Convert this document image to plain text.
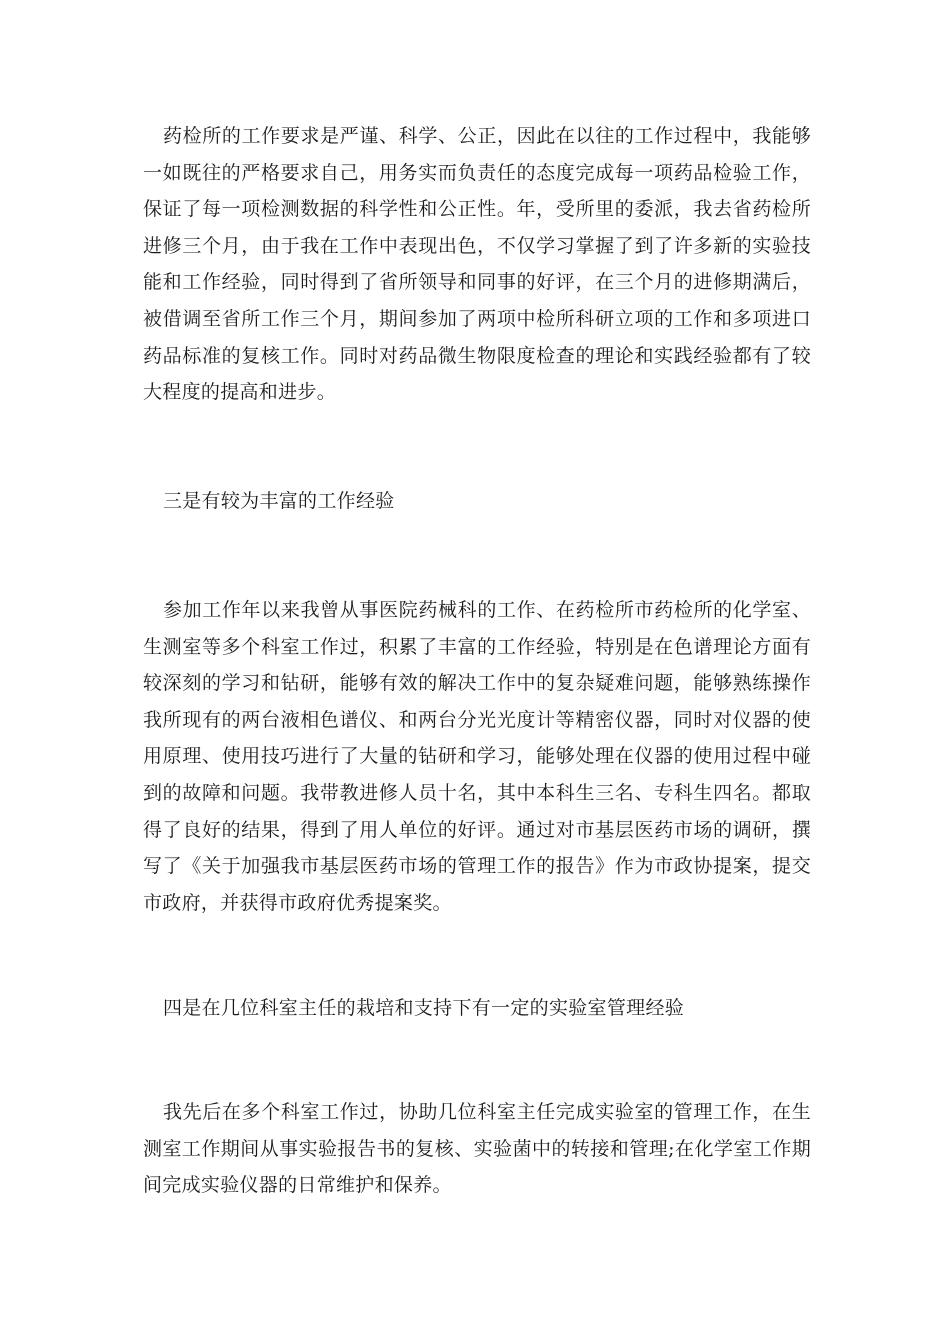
药检所的工作要求是严谨、科学、公正，因此在以往的工作过程中，我能够一如既往的严格要求自己，用务实而负责任的态度完成每一项药品检验工作，保证了每一项检测数据的科学性和公正性。年，受所里的委派，我去省药检所进修三个月，由于我在工作中表现出色，不仅学习掌握了到了许多新的实验技能和工作经验，同时得到了省所领导和同事的好评，在三个月的进修期满后，被借调至省所工作三个月，期间参加了两项中检所科研立项的工作和多项进口药品标准的复核工作。同时对药品微生物限度检查的理论和实践经验都有了较大程度的提高和进步。

三是有较为丰富的工作经验

参加工作年以来我曾从事医院药械科的工作、在药检所市药检所的化学室、生测室等多个科室工作过，积累了丰富的工作经验，特别是在色谱理论方面有较深刻的学习和钻研，能够有效的解决工作中的复杂疑难问题，能够熟练操作我所现有的两台液相色谱仪、和两台分光光度计等精密仪器，同时对仪器的使用原理、使用技巧进行了大量的钻研和学习，能够处理在仪器的使用过程中碰到的故障和问题。我带教进修人员十名，其中本科生三名、专科生四名。都取得了良好的结果，得到了用人单位的好评。通过对市基层医药市场的调研，撰写了《关于加强我市基层医药市场的管理工作的报告》作为市政协提案，提交市政府，并获得市政府优秀提案奖。

四是在几位科室主任的栽培和支持下有一定的实验室管理经验

我先后在多个科室工作过，协助几位科室主任完成实验室的管理工作，在生测室工作期间从事实验报告书的复核、实验菌中的转接和管理;在化学室工作期间完成实验仪器的日常维护和保养。
